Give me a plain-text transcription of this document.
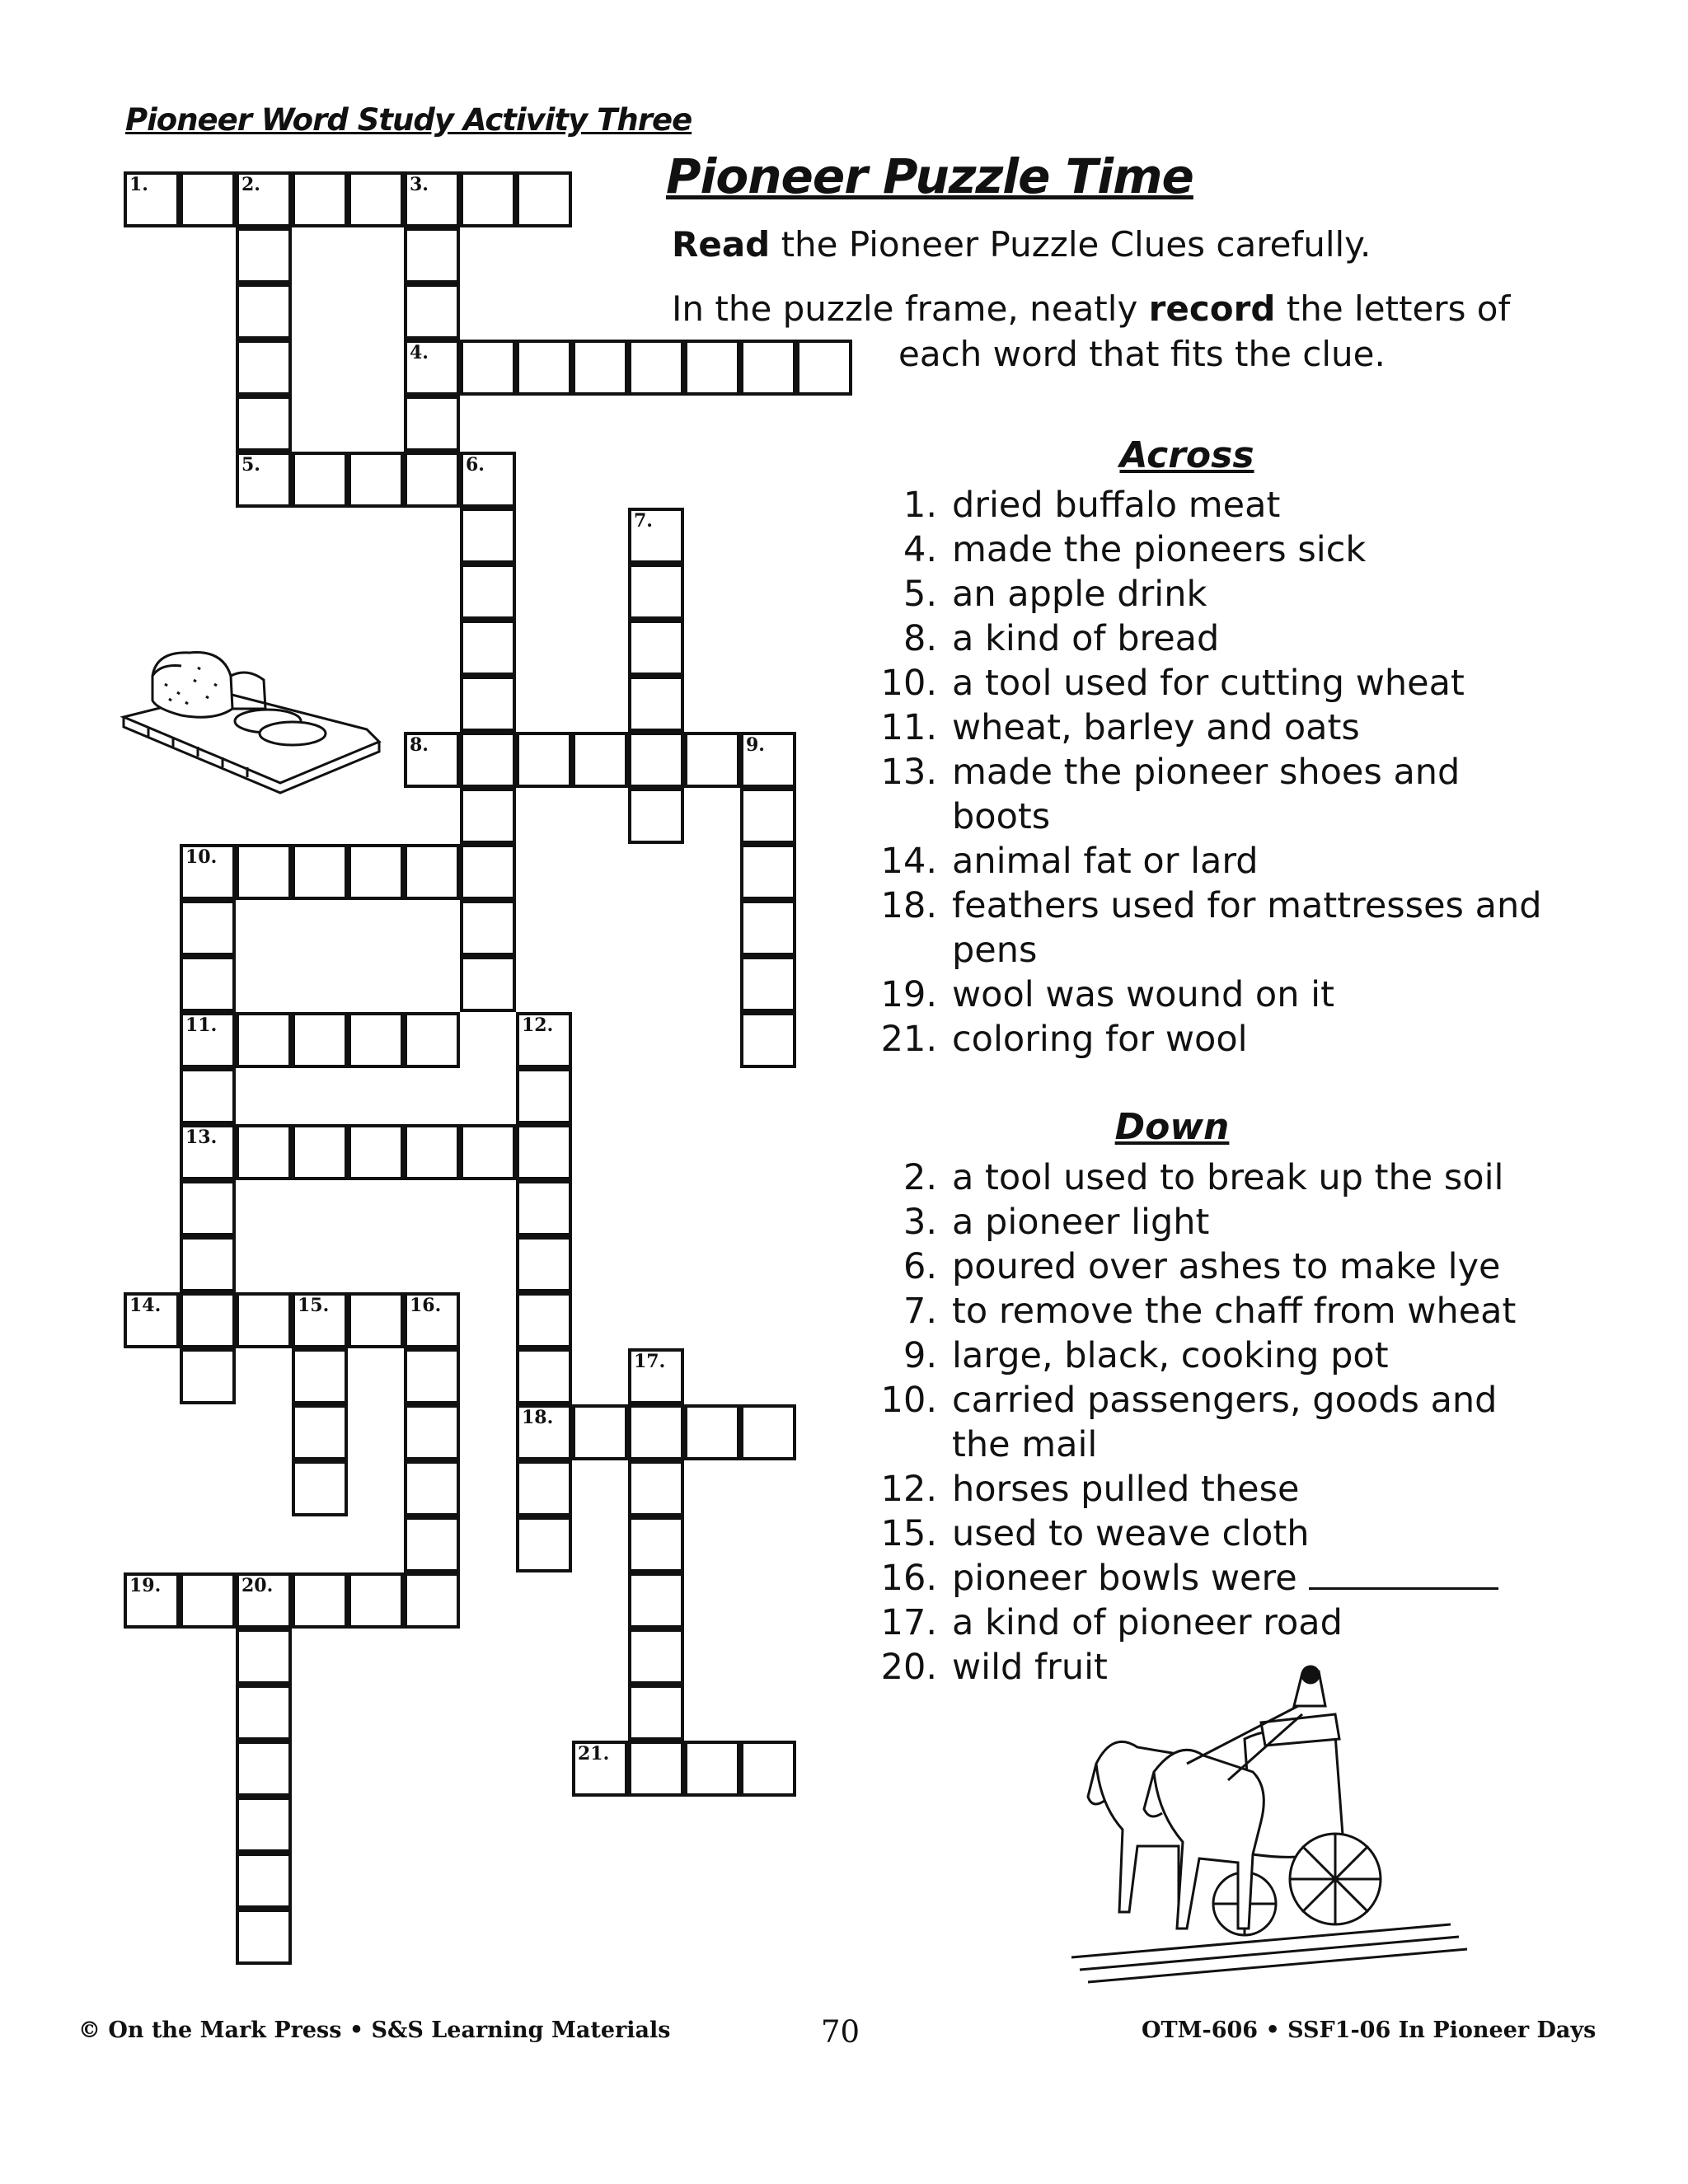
Pioneer Word Study Activity Three
Pioneer Puzzle Time
Read the Pioneer Puzzle Clues carefully.
In the puzzle frame, neatly record the letters of
each word that fits the clue.
1.	2.	3.
5.
4.
6.
7.
8.	9.
10.
11.
13.
12.
18.
14.	15.	16.
17.
19.	20.
21.
Across
1. dried buffalo meat
4. made the pioneers sick
5. an apple drink
8. a kind of bread
10. a tool used for cutting wheat
11. wheat, barley and oats
13. made the pioneer shoes and
boots
14. animal fat or lard
18. feathers used for mattresses and
pens
19. wool was wound on it
21. coloring for wool
Down
2. a tool used to break up the soil
3. a pioneer light
6. poured over ashes to make lye
7. to remove the chaff from wheat
9. large, black, cooking pot
10. carried passengers, goods and
the mail
12. horses pulled these
15. used to weave cloth
16. pioneer bowls were
17. a kind of pioneer road
20. wild fruit
© On the Mark Press • S&S Learning Materials	70	OTM-606 • SSF1-06 In Pioneer Days
